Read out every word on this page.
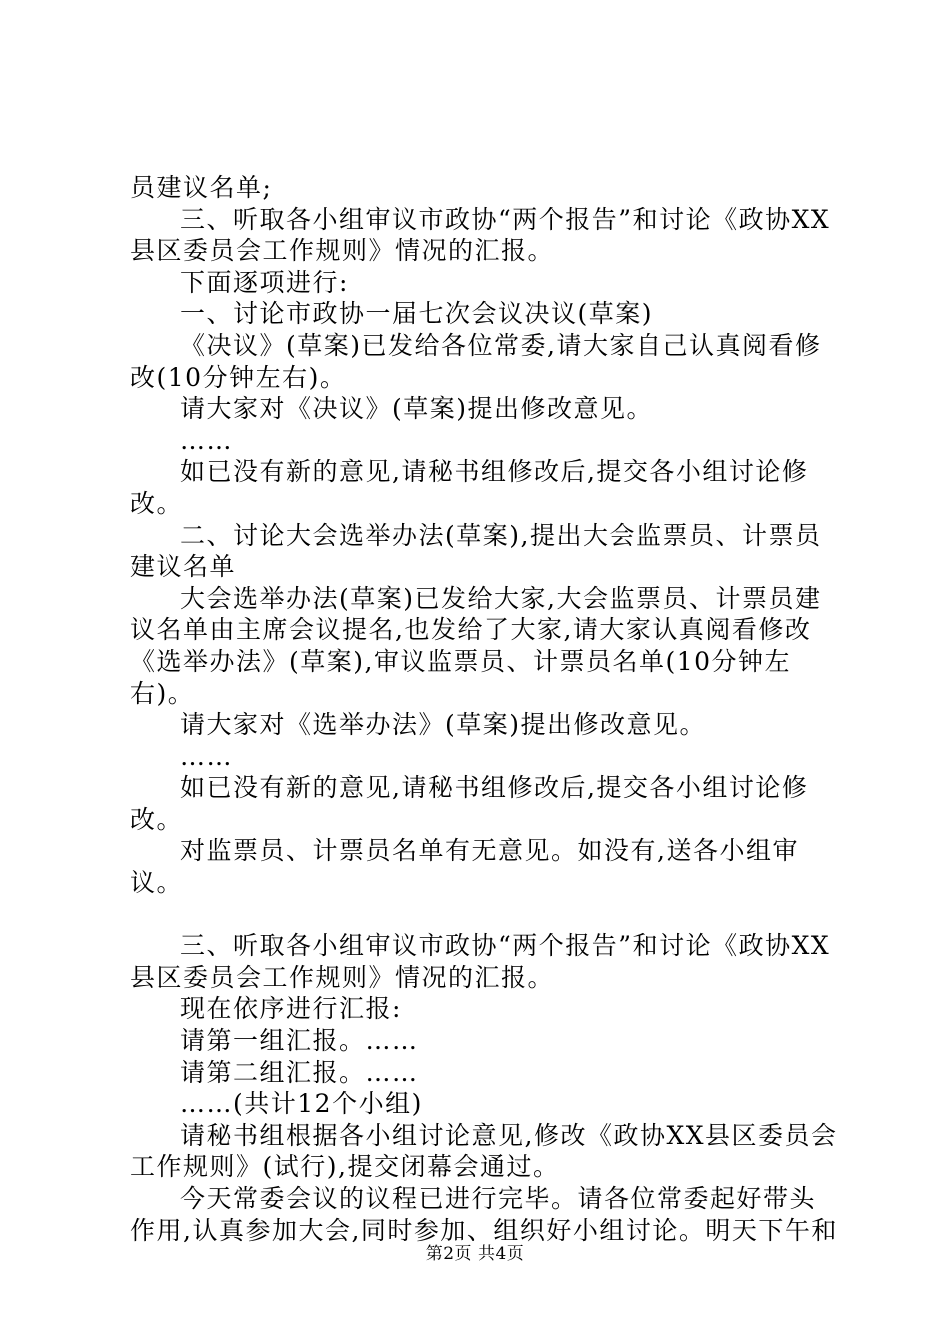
员建议名单;

三、听取各小组审议市政协“两个报告”和讨论《政协XX县区委员会工作规则》情况的汇报。

下面逐项进行:

一、讨论市政协一届七次会议决议(草案)

《决议》(草案)已发给各位常委,请大家自己认真阅看修改(10分钟左右)。

请大家对《决议》(草案)提出修改意见。

……

如已没有新的意见,请秘书组修改后,提交各小组讨论修改。

二、讨论大会选举办法(草案),提出大会监票员、计票员建议名单

大会选举办法(草案)已发给大家,大会监票员、计票员建议名单由主席会议提名,也发给了大家,请大家认真阅看修改《选举办法》(草案),审议监票员、计票员名单(10分钟左右)。

请大家对《选举办法》(草案)提出修改意见。

……

如已没有新的意见,请秘书组修改后,提交各小组讨论修改。

对监票员、计票员名单有无意见。如没有,送各小组审议。

三、听取各小组审议市政协“两个报告”和讨论《政协XX县区委员会工作规则》情况的汇报。

现在依序进行汇报:

请第一组汇报。……

请第二组汇报。……

……(共计12个小组)

请秘书组根据各小组讨论意见,修改《政协XX县区委员会工作规则》(试行),提交闭幕会通过。

今天常委会议的议程已进行完毕。请各位常委起好带头作用,认真参加大会,同时参加、组织好小组讨论。明天下午和

第2页 共4页
